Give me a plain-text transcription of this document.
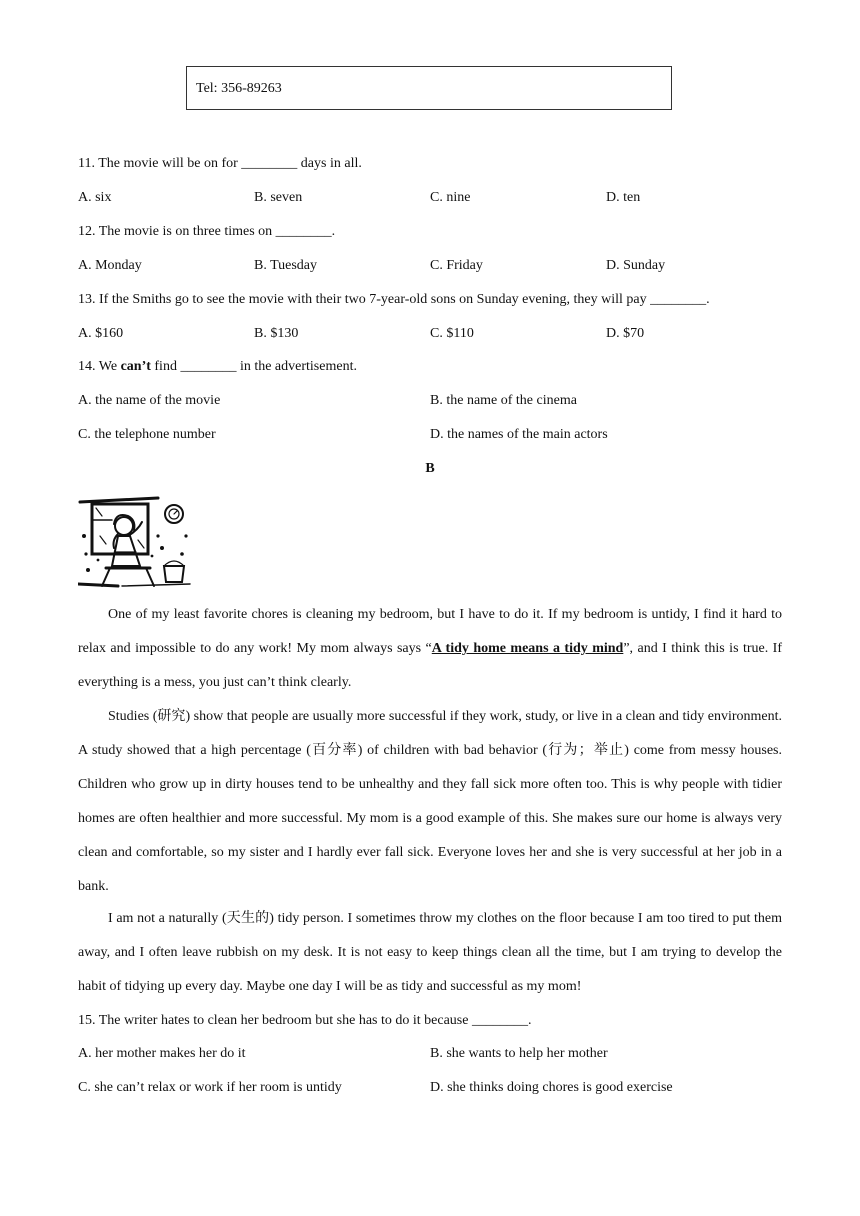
Tel: 356-89263
11. The movie will be on for ________ days in all.
A. six	B. seven	C. nine	D. ten
12. The movie is on three times on ________.
A. Monday	B. Tuesday	C. Friday	D. Sunday
13. If the Smiths go to see the movie with their two 7-year-old sons on Sunday evening, they will pay ________.
A. $160	B. $130	C. $110	D. $70
14. We can’t find ________ in the advertisement.
A. the name of the movie	B. the name of the cinema
C. the telephone number	D. the names of the main actors
B
One of my least favorite chores is cleaning my bedroom, but I have to do it. If my bedroom is untidy, I find it hard to relax and impossible to do any work! My mom always says “A tidy home means a tidy mind”, and I think this is true. If everything is a mess, you just can’t think clearly.
Studies (研究) show that people are usually more successful if they work, study, or live in a clean and tidy environment. A study showed that a high percentage (百分率) of children with bad behavior (行为；举止) come from messy houses. Children who grow up in dirty houses tend to be unhealthy and they fall sick more often too. This is why people with tidier homes are often healthier and more successful. My mom is a good example of this. She makes sure our home is always very clean and comfortable, so my sister and I hardly ever fall sick. Everyone loves her and she is very successful at her job in a bank.
I am not a naturally (天生的) tidy person. I sometimes throw my clothes on the floor because I am too tired to put them away, and I often leave rubbish on my desk. It is not easy to keep things clean all the time, but I am trying to develop the habit of tidying up every day. Maybe one day I will be as tidy and successful as my mom!
15. The writer hates to clean her bedroom but she has to do it because ________.
A. her mother makes her do it	B. she wants to help her mother
C. she can’t relax or work if her room is untidy	D. she thinks doing chores is good exercise
